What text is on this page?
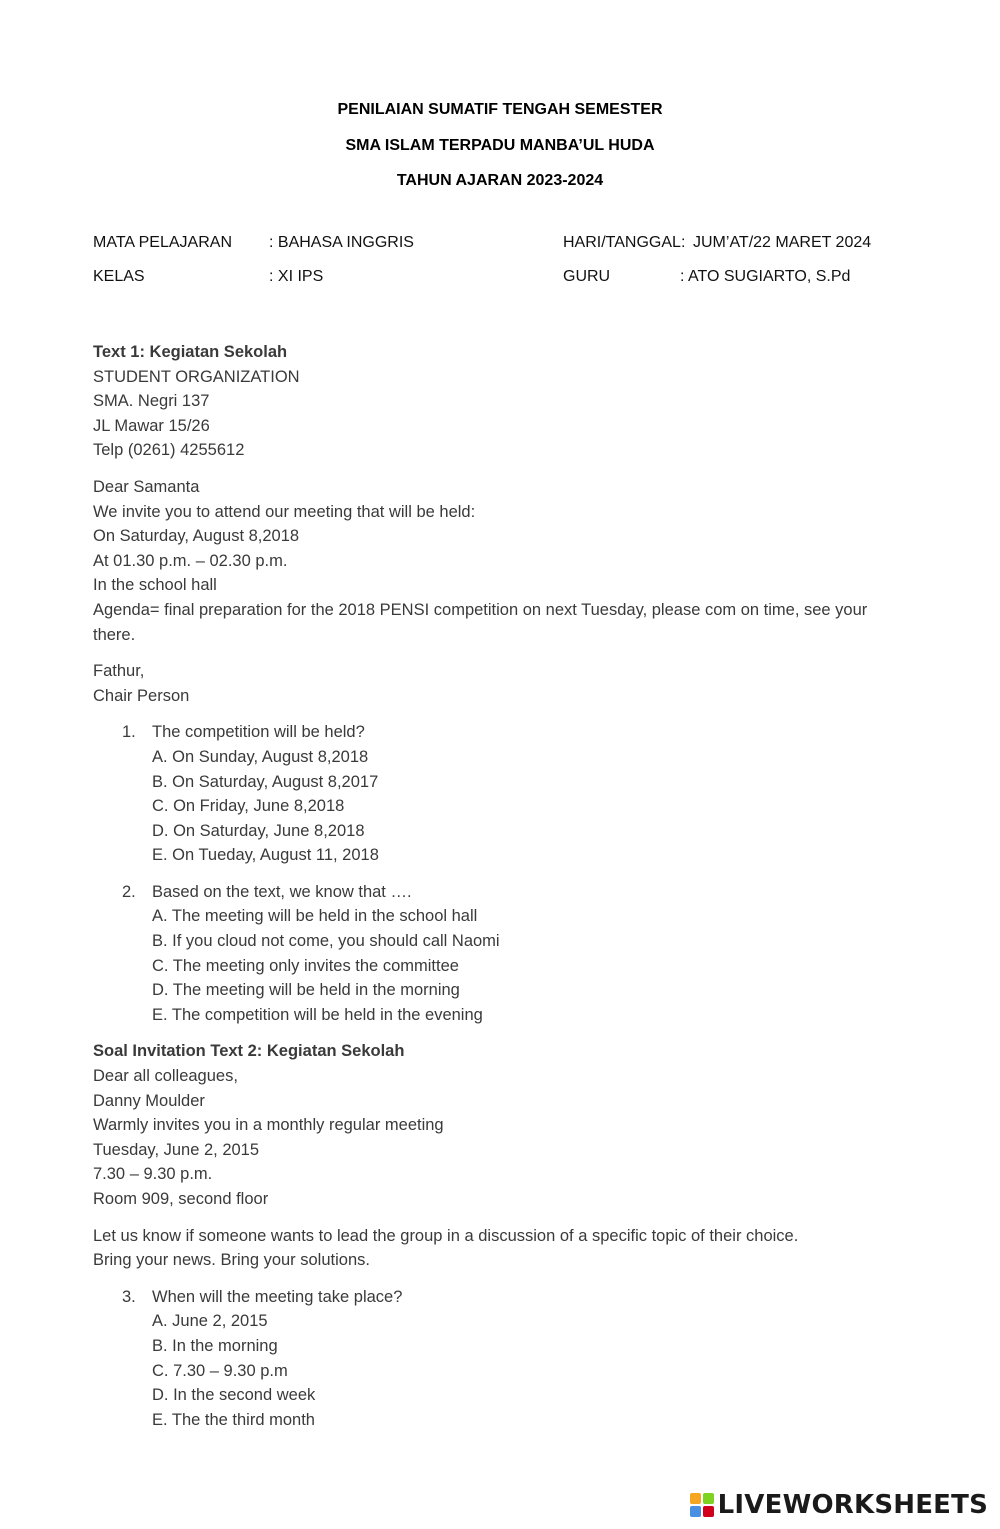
PENILAIAN SUMATIF TENGAH SEMESTER
SMA ISLAM TERPADU MANBA’UL HUDA
TAHUN AJARAN 2023-2024
MATA PELAJARAN : BAHASA INGGRIS	HARI/TANGGAL: JUM’AT/22 MARET 2024
KELAS	: XI IPS	GURU	: ATO SUGIARTO, S.Pd
Text 1: Kegiatan Sekolah
STUDENT ORGANIZATION
SMA. Negri 137
JL Mawar 15/26
Telp (0261) 4255612
Dear Samanta
We invite you to attend our meeting that will be held:
On Saturday, August 8,2018
At 01.30 p.m. – 02.30 p.m.
In the school hall
Agenda= final preparation for the 2018 PENSI competition on next Tuesday, please com on time, see your there.
Fathur,
Chair Person
1. The competition will be held?
A. On Sunday, August 8,2018
B. On Saturday, August 8,2017
C. On Friday, June 8,2018
D. On Saturday, June 8,2018
E. On Tueday, August 11, 2018
2. Based on the text, we know that ….
A. The meeting will be held in the school hall
B. If you cloud not come, you should call Naomi
C. The meeting only invites the committee
D. The meeting will be held in the morning
E. The competition will be held in the evening
Soal Invitation Text 2: Kegiatan Sekolah
Dear all colleagues,
Danny Moulder
Warmly invites you in a monthly regular meeting
Tuesday, June 2, 2015
7.30 – 9.30 p.m.
Room 909, second floor
Let us know if someone wants to lead the group in a discussion of a specific topic of their choice.
Bring your news. Bring your solutions.
3. When will the meeting take place?
A. June 2, 2015
B. In the morning
C. 7.30 – 9.30 p.m
D. In the second week
E. The the third month
LIVEWORKSHEETS
